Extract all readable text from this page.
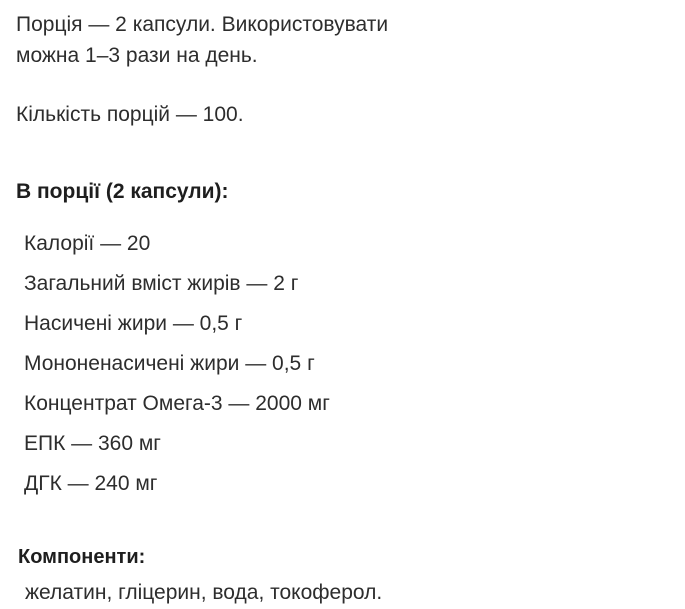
Порція — 2 капсули. Використовувати
можна 1–3 рази на день.
Кількість порцій — 100.
В порції (2 капсули):
Калорії — 20
Загальний вміст жирів — 2 г
Насичені жири — 0,5 г
Мононенасичені жири — 0,5 г
Концентрат Омега-3 — 2000 мг
ЕПК — 360 мг
ДГК — 240 мг
Компоненти:
желатин, гліцерин, вода, токоферол.
